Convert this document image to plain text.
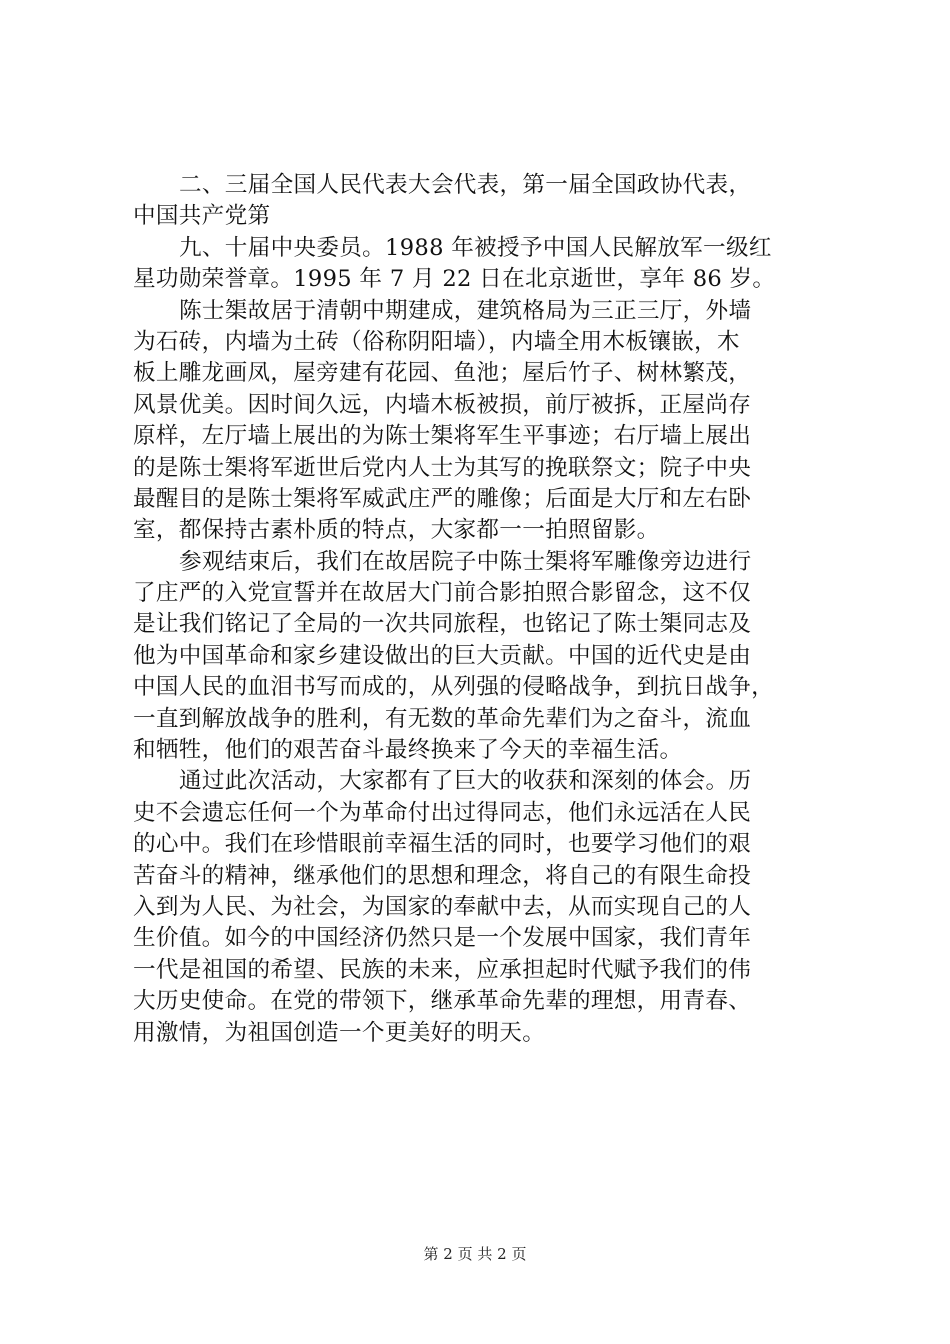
二、三届全国人民代表大会代表，第一届全国政协代表，
中国共产党第
九、十届中央委员。1988 年被授予中国人民解放军一级红
星功勋荣誉章。1995 年 7 月 22 日在北京逝世，享年 86 岁。
陈士榘故居于清朝中期建成，建筑格局为三正三厅，外墙
为石砖，内墙为土砖（俗称阴阳墙），内墙全用木板镶嵌，木
板上雕龙画凤，屋旁建有花园、鱼池；屋后竹子、树林繁茂，
风景优美。因时间久远，内墙木板被损，前厅被拆，正屋尚存
原样，左厅墙上展出的为陈士榘将军生平事迹；右厅墙上展出
的是陈士榘将军逝世后党内人士为其写的挽联祭文；院子中央
最醒目的是陈士榘将军威武庄严的雕像；后面是大厅和左右卧
室，都保持古素朴质的特点，大家都一一拍照留影。
参观结束后，我们在故居院子中陈士榘将军雕像旁边进行
了庄严的入党宣誓并在故居大门前合影拍照合影留念，这不仅
是让我们铭记了全局的一次共同旅程，也铭记了陈士榘同志及
他为中国革命和家乡建设做出的巨大贡献。中国的近代史是由
中国人民的血泪书写而成的，从列强的侵略战争，到抗日战争，
一直到解放战争的胜利，有无数的革命先辈们为之奋斗，流血
和牺牲，他们的艰苦奋斗最终换来了今天的幸福生活。
通过此次活动，大家都有了巨大的收获和深刻的体会。历
史不会遗忘任何一个为革命付出过得同志，他们永远活在人民
的心中。我们在珍惜眼前幸福生活的同时，也要学习他们的艰
苦奋斗的精神，继承他们的思想和理念，将自己的有限生命投
入到为人民、为社会，为国家的奉献中去，从而实现自己的人
生价值。如今的中国经济仍然只是一个发展中国家，我们青年
一代是祖国的希望、民族的未来，应承担起时代赋予我们的伟
大历史使命。在党的带领下，继承革命先辈的理想，用青春、
用激情，为祖国创造一个更美好的明天。
第 2 页 共 2 页
